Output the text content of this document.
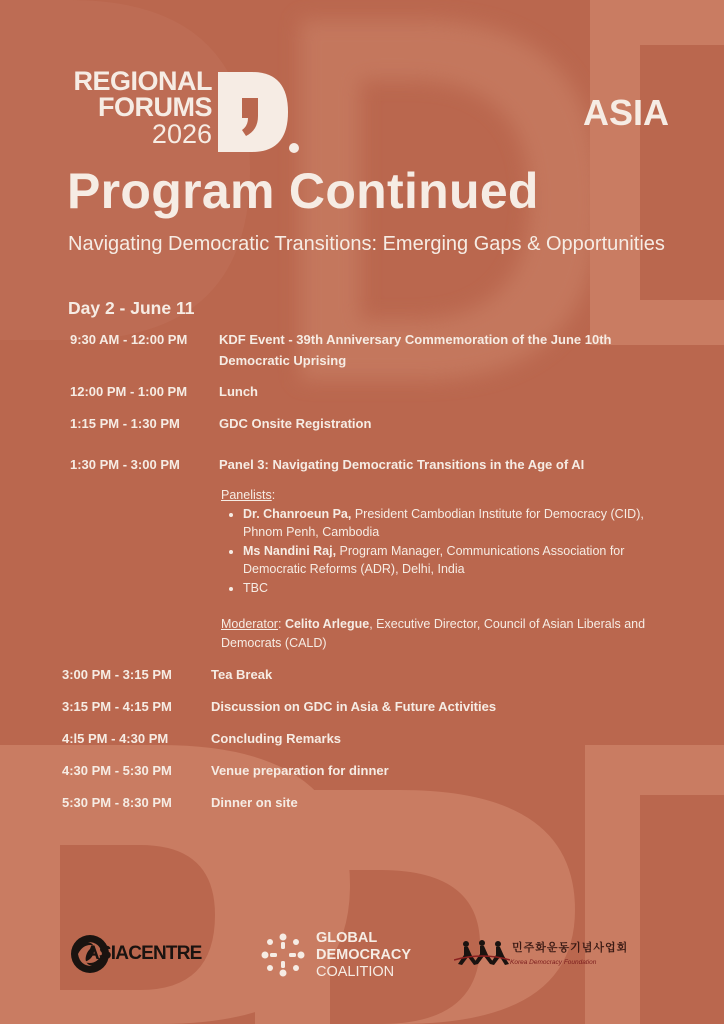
REGIONAL
FORUMS
2026
ASIA
Program Continued

Navigating Democratic Transitions: Emerging Gaps & Opportunities

Day 2 - June 11
9:30 AM - 12:00 PM KDF Event - 39th Anniversary Commemoration of the June 10th Democratic Uprising
12:00 PM - 1:00 PM Lunch
1:15 PM - 1:30 PM	GDC Onsite Registration
1:30 PM - 3:00 PM	Panel 3: Navigating Democratic Transitions in the Age of AI
Panelists:
• Dr. Chanroeun Pa, President Cambodian Institute for Democracy (CID), Phnom Penh, Cambodia
• Ms Nandini Raj, Program Manager, Communications Association for Democratic Reforms (ADR), Delhi, India
• TBC
Moderator: Celito Arlegue, Executive Director, Council of Asian Liberals and Democrats (CALD)
3:00 PM - 3:15 PM	Tea Break
3:15 PM - 4:15 PM	Discussion on GDC in Asia & Future Activities
4:l5 PM - 4:30 PM	Concluding Remarks
4:30 PM - 5:30 PM	Venue preparation for dinner
5:30 PM - 8:30 PM	Dinner on site
ASIACENTRE
GLOBAL
DEMOCRACY
COALITION
민주화운동기념사업회
Korea Democracy Foundation
